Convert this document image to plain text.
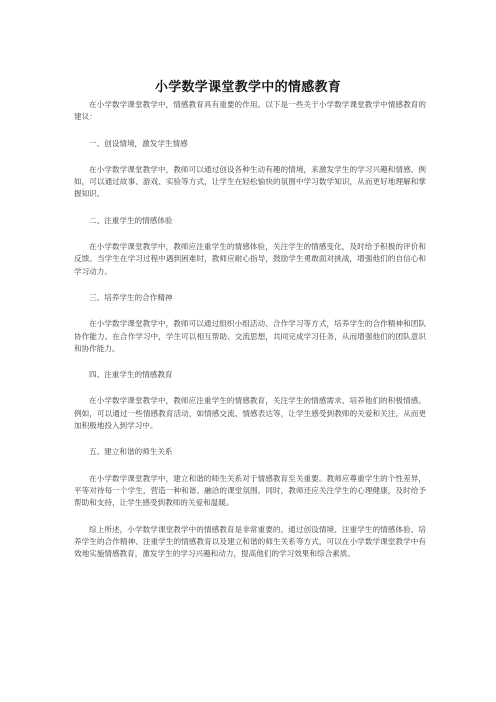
小学数学课堂教学中的情感教育

在小学数学课堂教学中，情感教育具有重要的作用。以下是一些关于小学数学课堂教学中情感教育的建议：

一、创设情境，激发学生情感

在小学数学课堂教学中，教师可以通过创设各种生动有趣的情境，来激发学生的学习兴趣和情感。例如，可以通过故事、游戏、实验等方式，让学生在轻松愉快的氛围中学习数学知识，从而更好地理解和掌握知识。

二、注重学生的情感体验

在小学数学课堂教学中，教师应注重学生的情感体验，关注学生的情感变化，及时给予积极的评价和反馈。当学生在学习过程中遇到困难时，教师应耐心指导，鼓励学生勇敢面对挑战，增强他们的自信心和学习动力。

三、培养学生的合作精神

在小学数学课堂教学中，教师可以通过组织小组活动、合作学习等方式，培养学生的合作精神和团队协作能力。在合作学习中，学生可以相互帮助、交流思想，共同完成学习任务，从而增强他们的团队意识和协作能力。

四、注重学生的情感教育

在小学数学课堂教学中，教师应注重学生的情感教育，关注学生的情感需求、培养他们的积极情感。例如，可以通过一些情感教育活动，如情感交流、情感表达等，让学生感受到教师的关爱和关注，从而更加积极地投入到学习中。

五、建立和谐的师生关系

在小学数学课堂教学中，建立和谐的师生关系对于情感教育至关重要。教师应尊重学生的个性差异，平等对待每一个学生，营造一种和谐、融洽的课堂氛围。同时，教师还应关注学生的心理健康，及时给予帮助和支持，让学生感受到教师的关爱和温暖。

综上所述，小学数学课堂教学中的情感教育是非常重要的。通过创设情境、注重学生的情感体验、培养学生的合作精神、注重学生的情感教育以及建立和谐的师生关系等方式，可以在小学数学课堂教学中有效地实施情感教育，激发学生的学习兴趣和动力，提高他们的学习效果和综合素质。
